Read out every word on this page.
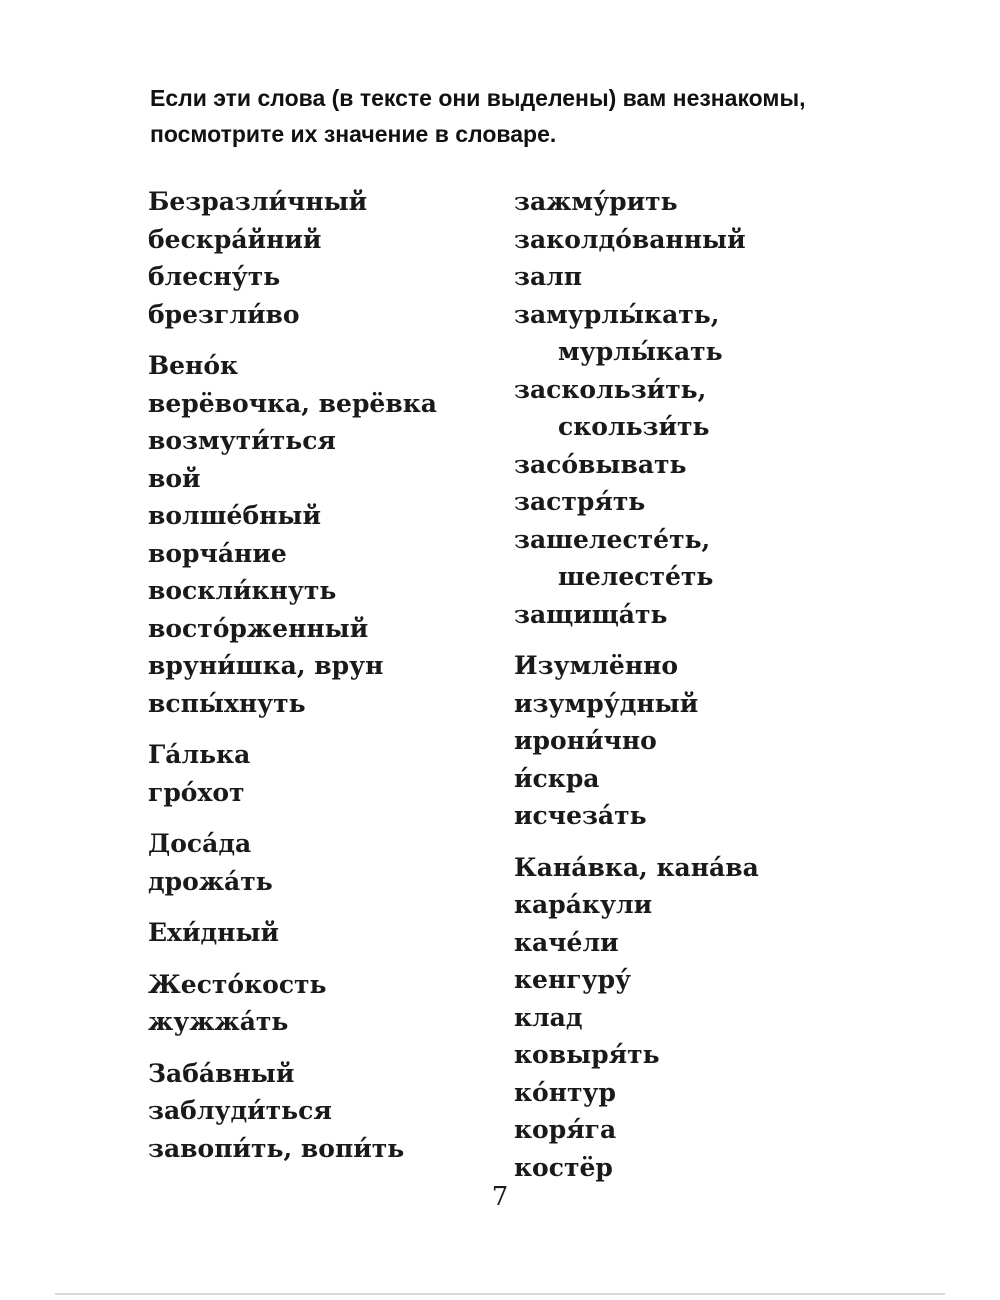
Если эти слова (в тексте они выделены) вам незнакомы,
посмотрите их значение в словаре.
Безразли́чный
бескра́йний
блесну́ть
брезгли́во
Вено́к
верёвочка, верёвка
возмути́ться
вой
волше́бный
ворча́ние
воскли́кнуть
восто́рженный
вруни́шка, врун
вспы́хнуть
Га́лька
гро́хот
Доса́да
дрожа́ть
Ехи́дный
Жесто́кость
жужжа́ть
Заба́вный
заблуди́ться
завопи́ть, вопи́ть
зажму́рить
заколдо́ванный
залп
замурлы́кать,
мурлы́кать
заскользи́ть,
скользи́ть
засо́вывать
застря́ть
зашелесте́ть,
шелесте́ть
защища́ть
Изумлённо
изумру́дный
ирони́чно
и́скра
исчеза́ть
Кана́вка, кана́ва
кара́кули
каче́ли
кенгуру́
клад
ковыря́ть
ко́нтур
коря́га
костёр
7
